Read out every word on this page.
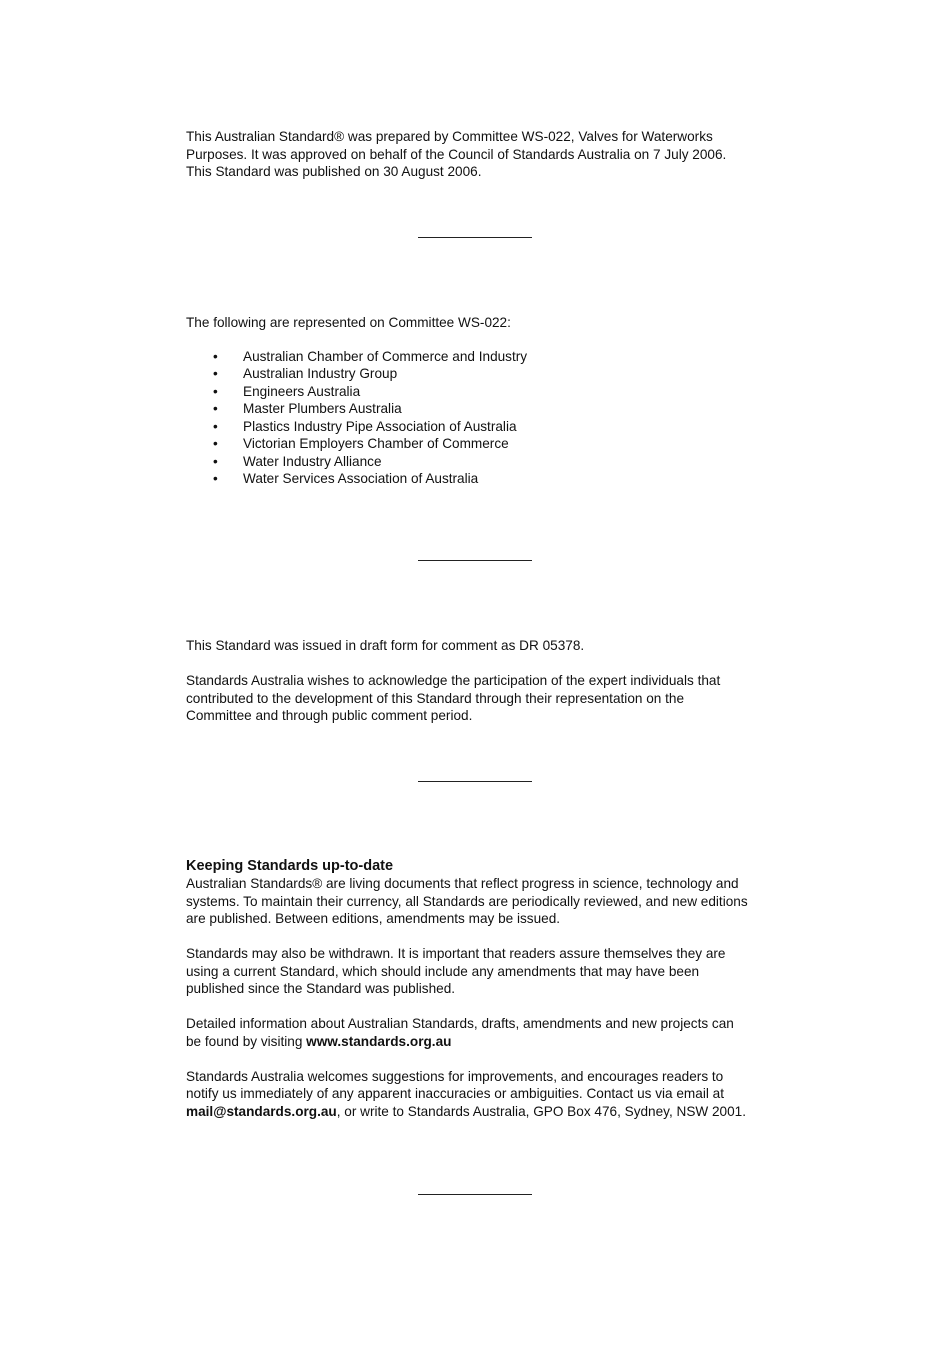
This Australian Standard® was prepared by Committee WS-022, Valves for Waterworks

Purposes. It was approved on behalf of the Council of Standards Australia on 7 July 2006.

This Standard was published on 30 August 2006.

The following are represented on Committee WS-022:

• Australian Chamber of Commerce and Industry
• Australian Industry Group
• Engineers Australia
• Master Plumbers Australia
• Plastics Industry Pipe Association of Australia
• Victorian Employers Chamber of Commerce
• Water Industry Alliance
• Water Services Association of Australia

This Standard was issued in draft form for comment as DR 05378.

Standards Australia wishes to acknowledge the participation of the expert individuals that

contributed to the development of this Standard through their representation on the

Committee and through public comment period.

Keeping Standards up-to-date

Australian Standards® are living documents that reflect progress in science, technology and

systems. To maintain their currency, all Standards are periodically reviewed, and new editions

are published. Between editions, amendments may be issued.

Standards may also be withdrawn. It is important that readers assure themselves they are

using a current Standard, which should include any amendments that may have been

published since the Standard was published.

Detailed information about Australian Standards, drafts, amendments and new projects can

be found by visiting www.standards.org.au

Standards Australia welcomes suggestions for improvements, and encourages readers to

notify us immediately of any apparent inaccuracies or ambiguities. Contact us via email at

mail@standards.org.au, or write to Standards Australia, GPO Box 476, Sydney, NSW 2001.
